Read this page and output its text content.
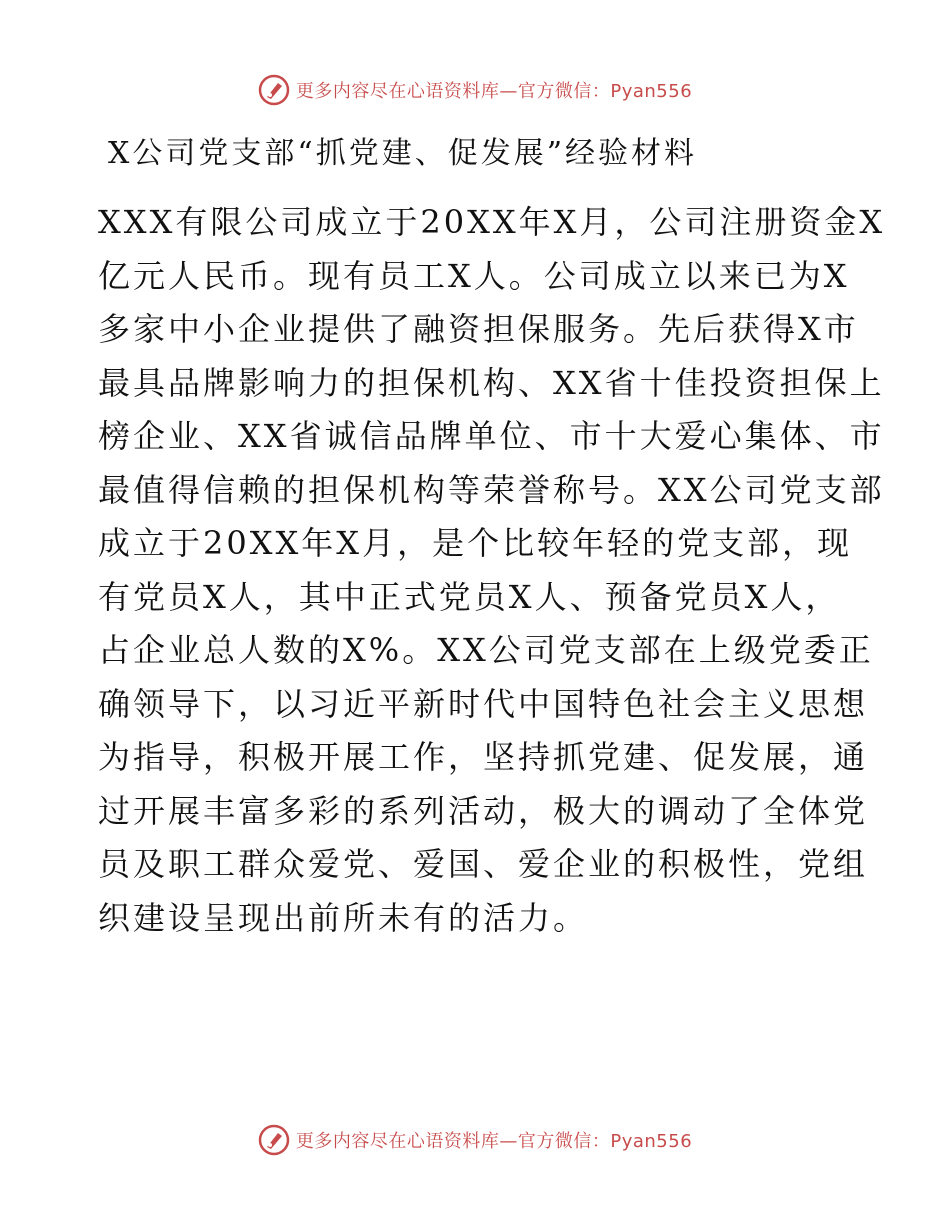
更多内容尽在心语资料库—官方微信：Pyan556
X公司党支部“抓党建、促发展”经验材料
XXX有限公司成立于20XX年X月，公司注册资金X
亿元人民币。现有员工X人。公司成立以来已为X
多家中小企业提供了融资担保服务。先后获得X市
最具品牌影响力的担保机构、XX省十佳投资担保上
榜企业、XX省诚信品牌单位、市十大爱心集体、市
最值得信赖的担保机构等荣誉称号。XX公司党支部
成立于20XX年X月，是个比较年轻的党支部，现
有党员X人，其中正式党员X人、预备党员X人，
占企业总人数的X%。XX公司党支部在上级党委正
确领导下，以习近平新时代中国特色社会主义思想
为指导，积极开展工作，坚持抓党建、促发展，通
过开展丰富多彩的系列活动，极大的调动了全体党
员及职工群众爱党、爱国、爱企业的积极性，党组
织建设呈现出前所未有的活力。
更多内容尽在心语资料库—官方微信：Pyan556
